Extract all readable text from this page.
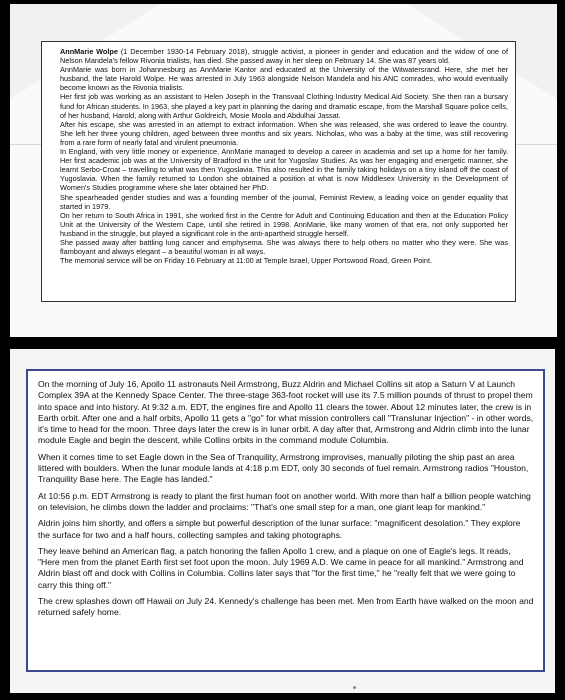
AnnMarie Wolpe (1 December 1930-14 February 2018), struggle activist, a pioneer in gender and education and the widow of one of Nelson Mandela's fellow Rivonia trialists, has died. She passed away in her sleep on February 14. She was 87 years old.

AnnMarie was born in Johannesburg as AnnMarie Kantor and educated at the University of the Witwatersrand. Here, she met her husband, the late Harold Wolpe. He was arrested in July 1963 alongside Nelson Mandela and his ANC comrades, who would eventually become known as the Rivonia trialists.

Her first job was working as an assistant to Helen Joseph in the Transvaal Clothing Industry Medical Aid Society. She then ran a bursary fund for African students. In 1963, she played a key part in planning the daring and dramatic escape, from the Marshall Square police cells, of her husband, Harold, along with Arthur Goldreich, Mosie Moola and Abdulhai Jassat.

After his escape, she was arrested in an attempt to extract information. When she was released, she was ordered to leave the country. She left her three young children, aged between three months and six years. Nicholas, who was a baby at the time, was still recovering from a rare form of nearly fatal and virulent pneumonia.

In England, with very little money or experience, AnnMarie managed to develop a career in academia and set up a home for her family. Her first academic job was at the University of Bradford in the unit for Yugoslav Studies. As was her engaging and energetic manner, she learnt Serbo-Croat – travelling to what was then Yugoslavia. This also resulted in the family taking holidays on a tiny island off the coast of Yugoslavia. When the family returned to London she obtained a position at what is now Middlesex University in the Development of Women's Studies programme where she later obtained her PhD.

She spearheaded gender studies and was a founding member of the journal, Feminist Review, a leading voice on gender equality that started in 1979.

On her return to South Africa in 1991, she worked first in the Centre for Adult and Continuing Education and then at the Education Policy Unit at the University of the Western Cape, until she retired in 1998. AnnMarie, like many women of that era, not only supported her husband in the struggle, but played a significant role in the anti-apartheid struggle herself.

She passed away after battling lung cancer and emphysema. She was always there to help others no matter who they were. She was flamboyant and always elegant – a beautiful woman in all ways.

The memorial service will be on Friday 16 February at 11:00 at Temple Israel, Upper Portswood Road, Green Point.

On the morning of July 16, Apollo 11 astronauts Neil Armstrong, Buzz Aldrin and Michael Collins sit atop a Saturn V at Launch Complex 39A at the Kennedy Space Center. The three-stage 363-foot rocket will use its 7.5 million pounds of thrust to propel them into space and into history. At 9:32 a.m. EDT, the engines fire and Apollo 11 clears the tower. About 12 minutes later, the crew is in Earth orbit. After one and a half orbits, Apollo 11 gets a "go" for what mission controllers call "Translunar Injection" - in other words, it's time to head for the moon. Three days later the crew is in lunar orbit. A day after that, Armstrong and Aldrin climb into the lunar module Eagle and begin the descent, while Collins orbits in the command module Columbia.

When it comes time to set Eagle down in the Sea of Tranquility, Armstrong improvises, manually piloting the ship past an area littered with boulders. When the lunar module lands at 4:18 p.m EDT, only 30 seconds of fuel remain. Armstrong radios "Houston, Tranquility Base here. The Eagle has landed."

At 10:56 p.m. EDT Armstrong is ready to plant the first human foot on another world. With more than half a billion people watching on television, he climbs down the ladder and proclaims: "That's one small step for a man, one giant leap for mankind."

Aldrin joins him shortly, and offers a simple but powerful description of the lunar surface: "magnificent desolation." They explore the surface for two and a half hours, collecting samples and taking photographs.

They leave behind an American flag, a patch honoring the fallen Apollo 1 crew, and a plaque on one of Eagle's legs. It reads, "Here men from the planet Earth first set foot upon the moon. July 1969 A.D. We came in peace for all mankind." Armstrong and Aldrin blast off and dock with Collins in Columbia. Collins later says that "for the first time," he "really felt that we were going to carry this thing off."

The crew splashes down off Hawaii on July 24. Kennedy's challenge has been met. Men from Earth have walked on the moon and returned safely home.
